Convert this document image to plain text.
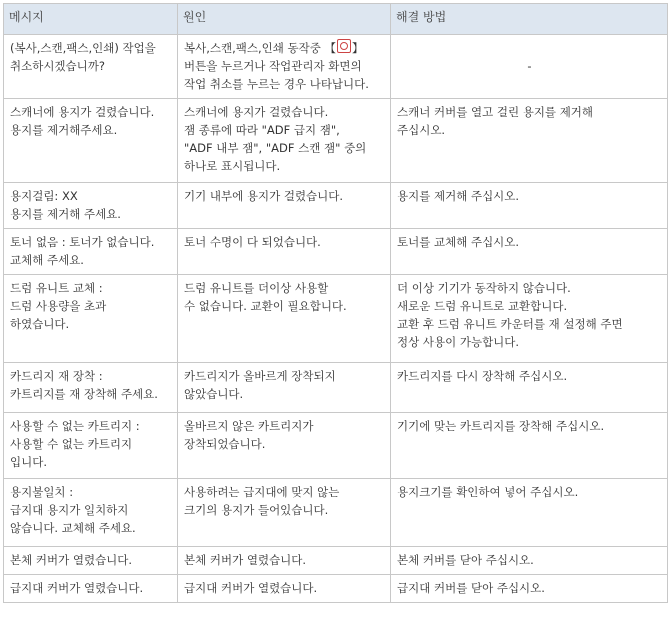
메시지	원인	해결 방법

(복사,스캔,팩스,인쇄) 작업을
취소하시겠습니까?	복사,스캔,팩스,인쇄 동작중 【 】
버튼을 누르거나 작업관리자 화면의
작업 취소를 누르는 경우 나타납니다.	-

스캐너에 용지가 걸렸습니다.
용지를 제거해주세요.	스캐너에 용지가 걸렸습니다.
잼 종류에 따라 "ADF 급지 잼",
"ADF 내부 잼", "ADF 스캔 잼" 중의
하나로 표시됩니다.	스캐너 커버를 열고 걸린 용지를 제거해
주십시오.

용지걸림: XX
용지를 제거해 주세요.	기기 내부에 용지가 걸렸습니다.	용지를 제거해 주십시오.

토너 없음 : 토너가 없습니다.
교체해 주세요.	토너 수명이 다 되었습니다.	토너를 교체해 주십시오.

드럼 유니트 교체 :
드럼 사용량을 초과
하였습니다.	드럼 유니트를 더이상 사용할
수 없습니다. 교환이 필요합니다.	더 이상 기기가 동작하지 않습니다.
새로운 드럼 유니트로 교환합니다.
교환 후 드럼 유니트 카운터를 재 설정해 주면
정상 사용이 가능합니다.

카드리지 재 장착 :
카트리지를 재 장착해 주세요.	카드리지가 올바르게 장착되지
않았습니다.	카드리지를 다시 장착해 주십시오.

사용할 수 없는 카트리지 :
사용할 수 없는 카트리지
입니다.	올바르지 않은 카트리지가
장착되었습니다.	기기에 맞는 카트리지를 장착해 주십시오.

용지불일치 :
급지대 용지가 일치하지
않습니다. 교체해 주세요.	사용하려는 급지대에 맞지 않는
크기의 용지가 들어있습니다.	용지크기를 확인하여 넣어 주십시오.

본체 커버가 열렸습니다.	본체 커버가 열렸습니다.	본체 커버를 닫아 주십시오.

급지대 커버가 열렸습니다.	급지대 커버가 열렸습니다.	급지대 커버를 닫아 주십시오.
